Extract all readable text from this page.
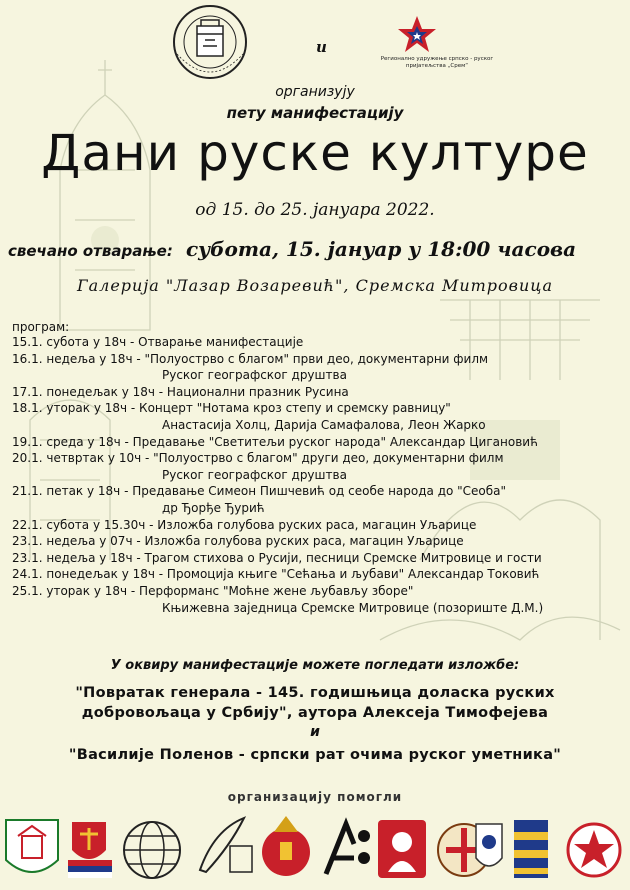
и
Регионално удружење српско - руског пријатељства „Срем“
организују
пету манифестацију
Дани руске културе
од 15. до 25. јануара 2022.
свечано отварање: субота, 15. јануар у 18:00 часова
Галерија "Лазар Возаревић", Сремска Митровица
програм:
15.1. субота у 18ч - Отварање манифестације
16.1. недеља у 18ч - "Полуострво с благом" први део, документарни филм
Руског географског друштва
17.1. понедељак у 18ч - Национални празник Русина
18.1. уторак у 18ч - Концерт "Нотама кроз степу и сремску равницу"
Анастасија Холц, Дарија Самафалова, Леон Жарко
19.1. среда у 18ч - Предавање "Светитељи руског народа" Александар Цигановић
20.1. четвртак у 10ч - "Полуострво с благом" други део, документарни филм
Руског географског друштва
21.1. петак у 18ч - Предавање Симеон Пишчевић од сеобе народа до "Сеоба"
др Ђорђе Ђурић
22.1. субота у 15.30ч - Изложба голубова руских раса, магацин Уљарице
23.1. недеља у 07ч - Изложба голубова руских раса, магацин Уљарице
23.1. недеља у 18ч - Трагом стихова о Русији, песници Сремске Митровице и гости
24.1. понедељак у 18ч - Промоција књиге "Сећања и љубави" Александар Токовић
25.1. уторак у 18ч - Перформанс "Моћне жене љубављу зборе"
Књижевна заједница Сремске Митровице (позориште Д.М.)
У оквиру манифестације можете погледати изложбе:
"Повратак генерала - 145. годишњица доласка руских
добровољаца у Србију", аутора Алексеја Тимофејева
и
"Василије Поленов - српски рат очима руског уметника"
организацију помогли
